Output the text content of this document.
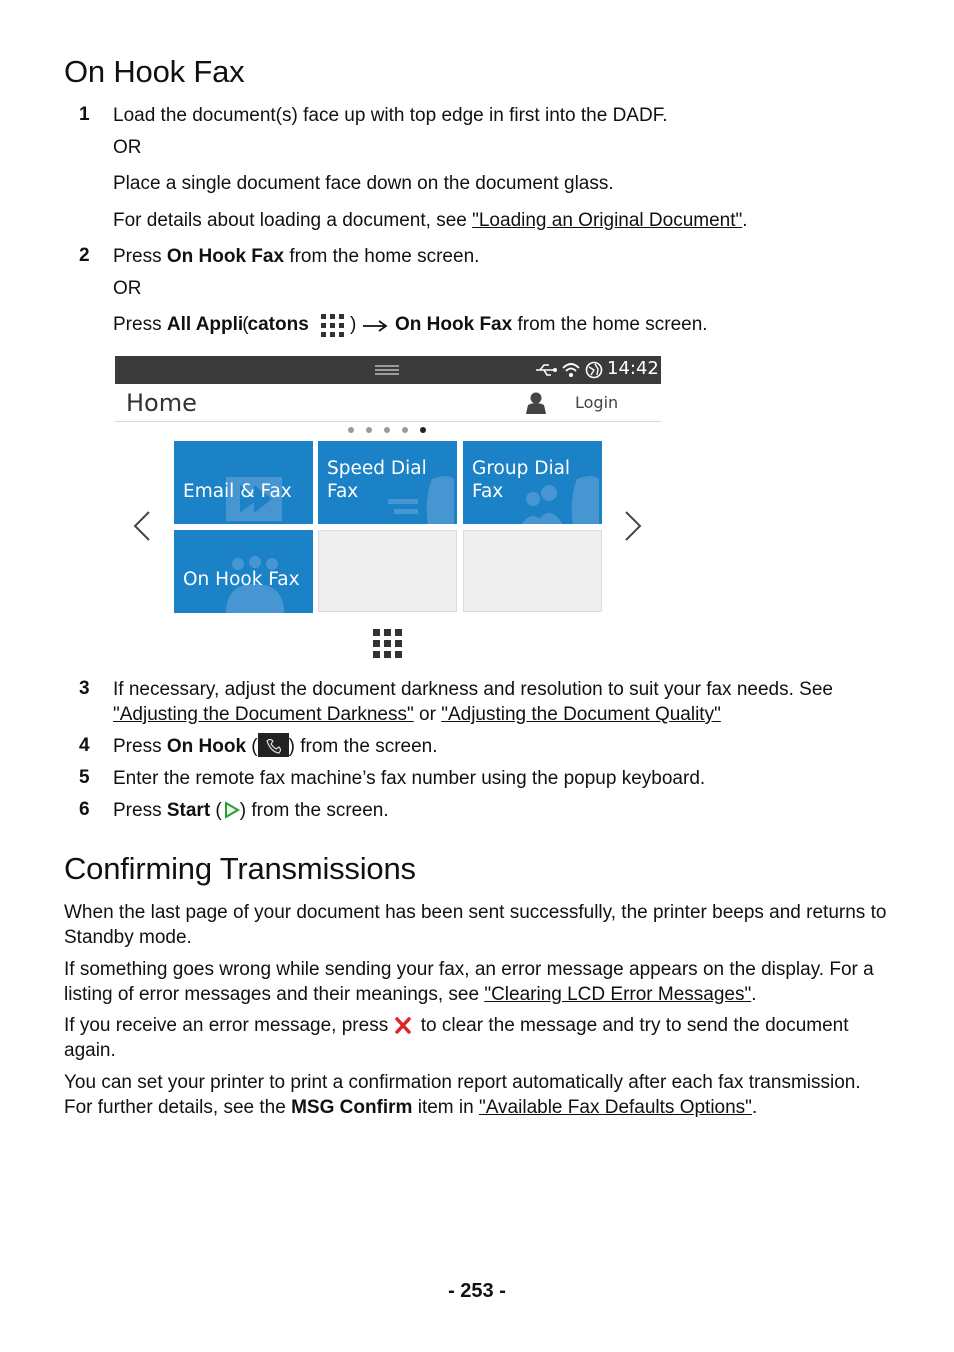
On Hook Fax
1 Load the document(s) face up with top edge in first into the DADF.
OR
Place a single document face down on the document glass.
For details about loading a document, see "Loading an Original Document".
2 Press On Hook Fax from the home screen.
OR
Press All Appli(catons ) On Hook Fax from the home screen.
14:42
Home	Login
Email & Fax
Speed Dial
Fax
Group Dial
Fax
On Hook Fax
3 If necessary, adjust the document darkness and resolution to suit your fax needs. See
"Adjusting the Document Darkness" or "Adjusting the Document Quality"
4 Press On Hook ( ) from the screen.
5 Enter the remote fax machine’s fax number using the popup keyboard.
6 Press Start ( ) from the screen.
Confirming Transmissions
When the last page of your document has been sent successfully, the printer beeps and returns to Standby mode.
If something goes wrong while sending your fax, an error message appears on the display. For a listing of error messages and their meanings, see "Clearing LCD Error Messages".
If you receive an error message, press  to clear the message and try to send the document again.
You can set your printer to print a confirmation report automatically after each fax transmission. For further details, see the MSG Confirm item in "Available Fax Defaults Options".
- 253 -
